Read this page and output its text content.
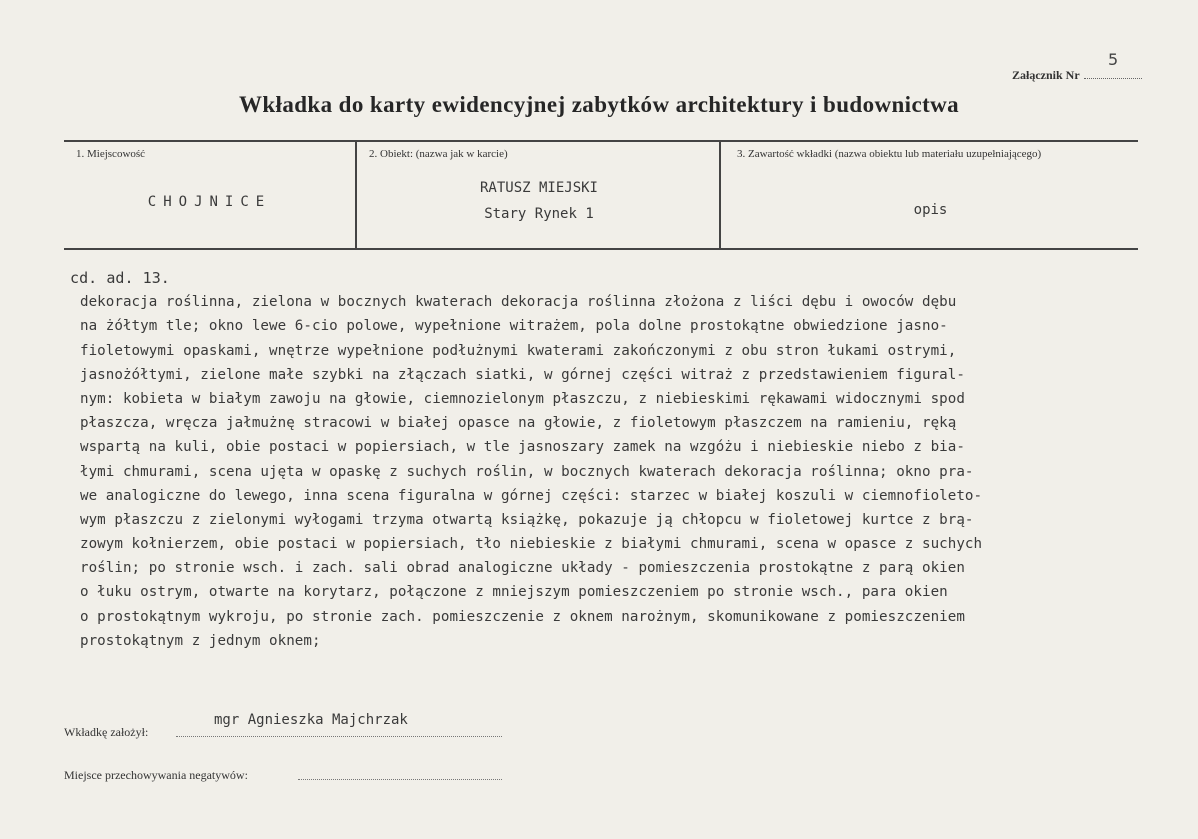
Załącznik Nr
5
Wkładka do karty ewidencyjnej zabytków architektury i budownictwa
1. Miejscowość
CHOJNICE
2. Obiekt: (nazwa jak w karcie)
RATUSZ MIEJSKI
Stary Rynek 1
3. Zawartość wkładki (nazwa obiektu lub materiału uzupełniającego)
opis
cd. ad. 13.
dekoracja roślinna, zielona w bocznych kwaterach dekoracja roślinna złożona z liści dębu i owoców dębu
na żółtym tle; okno lewe 6-cio polowe, wypełnione witrażem, pola dolne prostokątne obwiedzione jasno-
fioletowymi opaskami, wnętrze wypełnione podłużnymi kwaterami zakończonymi z obu stron łukami ostrymi,
jasnożółtymi, zielone małe szybki na złączach siatki, w górnej części witraż z przedstawieniem figural-
nym: kobieta w białym zawoju na głowie, ciemnozielonym płaszczu, z niebieskimi rękawami widocznymi spod
płaszcza, wręcza jałmużnę stracowi w białej opasce na głowie, z fioletowym płaszczem na ramieniu, ręką
wspartą na kuli, obie postaci w popiersiach, w tle jasnoszary zamek na wzgóżu i niebieskie niebo z bia-
łymi chmurami, scena ujęta w opaskę z suchych roślin, w bocznych kwaterach dekoracja roślinna; okno pra-
we analogiczne do lewego, inna scena figuralna w górnej części: starzec w białej koszuli w ciemnofioleto-
wym płaszczu z zielonymi wyłogami trzyma otwartą książkę, pokazuje ją chłopcu w fioletowej kurtce z brą-
zowym kołnierzem, obie postaci w popiersiach, tło niebieskie z białymi chmurami, scena w opasce z suchych
roślin; po stronie wsch. i zach. sali obrad analogiczne układy - pomieszczenia prostokątne z parą okien
o łuku ostrym, otwarte na korytarz, połączone z mniejszym pomieszczeniem po stronie wsch., para okien
o prostokątnym wykroju, po stronie zach. pomieszczenie z oknem narożnym, skomunikowane z pomieszczeniem
prostokątnym z jednym oknem;
Wkładkę założył:
mgr Agnieszka Majchrzak
Miejsce przechowywania negatywów:
